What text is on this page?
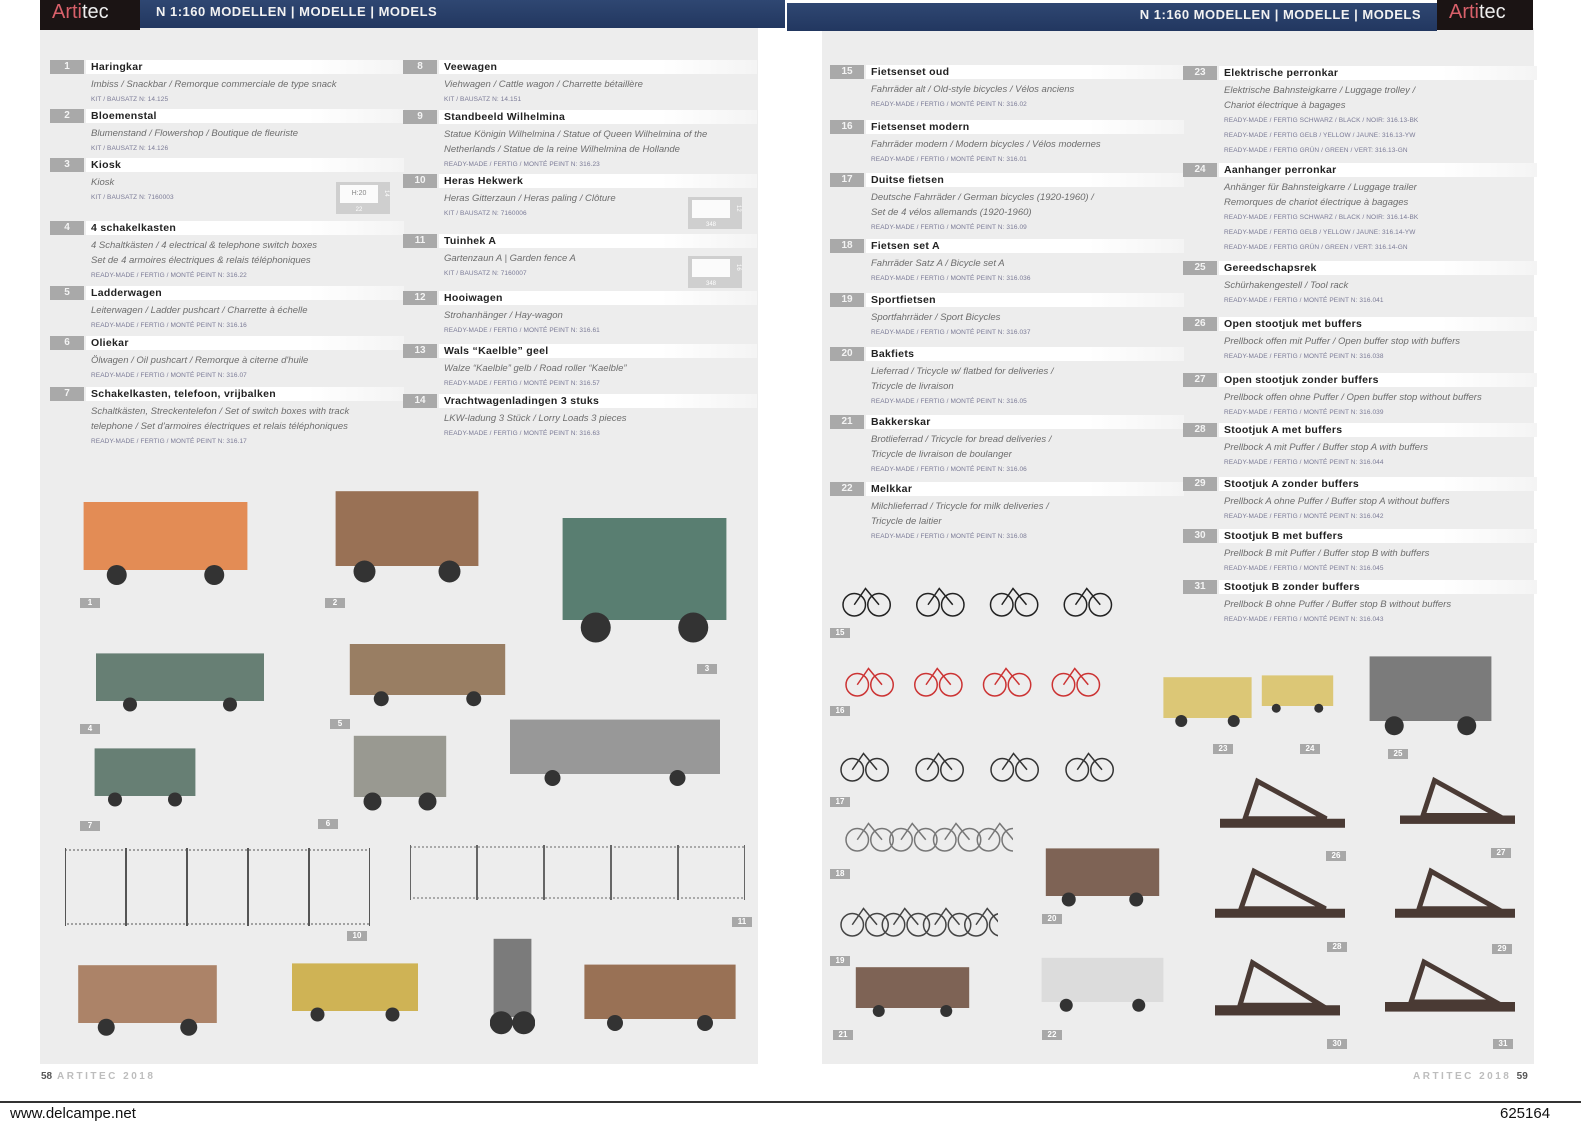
Artitec	N 1:160 MODELLEN | MODELLE | MODELS	N 1:160 MODELLEN | MODELLE | MODELS	Artitec
1	Haringkar
Imbiss / Snackbar / Remorque commerciale de type snack
KIT / BAUSATZ N: 14.125
2	Bloemenstal
Blumenstand / Flowershop / Boutique de fleuriste
KIT / BAUSATZ N: 14.126
3	Kiosk
Kiosk
KIT / BAUSATZ N: 7160003
H:20
22
14
4	4 schakelkasten
4 Schaltkästen / 4 electrical & telephone switch boxes
Set de 4 armoires électriques & relais téléphoniques
READY-MADE / FERTIG / MONTÉ PEINT N: 316.22
5	Ladderwagen
Leiterwagen / Ladder pushcart / Charrette à échelle
READY-MADE / FERTIG / MONTÉ PEINT N: 316.16
6	Oliekar
Ölwagen / Oil pushcart / Remorque à citerne d'huile
READY-MADE / FERTIG / MONTÉ PEINT N: 316.07
7	Schakelkasten, telefoon, vrijbalken
Schaltkästen, Streckentelefon / Set of switch boxes with track
telephone / Set d'armoires électriques et relais téléphoniques
READY-MADE / FERTIG / MONTÉ PEINT N: 316.17
8	Veewagen
Viehwagen / Cattle wagon / Charrette bétaillère
KIT / BAUSATZ N: 14.151
9	Standbeeld Wilhelmina
Statue Königin Wilhelmina / Statue of Queen Wilhelmina of the
Netherlands / Statue de la reine Wilhelmina de Hollande
READY-MADE / FERTIG / MONTÉ PEINT N: 316.23
10	Heras Hekwerk
Heras Gitterzaun / Heras paling / Clôture
KIT / BAUSATZ N: 7160006
348
12
11	Tuinhek A
Gartenzaun A | Garden fence A
KIT / BAUSATZ N: 7160007
348
16
12	Hooiwagen
Strohanhänger / Hay-wagon
READY-MADE / FERTIG / MONTÉ PEINT N: 316.61
13	Wals “Kaelble” geel
Walze “Kaelble” gelb / Road roller “Kaelble”
READY-MADE / FERTIG / MONTÉ PEINT N: 316.57
14	Vrachtwagenladingen 3 stuks
LKW-ladung 3 Stück / Lorry Loads 3 pieces
READY-MADE / FERTIG / MONTÉ PEINT N: 316.63
15	Fietsenset oud
Fahrräder alt / Old-style bicycles / Vélos anciens
READY-MADE / FERTIG / MONTÉ PEINT N: 316.02
16	Fietsenset modern
Fahrräder modern / Modern bicycles / Vélos modernes
READY-MADE / FERTIG / MONTÉ PEINT N: 316.01
17	Duitse fietsen
Deutsche Fahrräder / German bicycles (1920-1960) /
Set de 4 vélos allemands (1920-1960)
READY-MADE / FERTIG / MONTÉ PEINT N: 316.09
18	Fietsen set A
Fahrräder Satz A / Bicycle set A
READY-MADE / FERTIG / MONTÉ PEINT N: 316.036
19	Sportfietsen
Sportfahrräder / Sport Bicycles
READY-MADE / FERTIG / MONTÉ PEINT N: 316.037
20	Bakfiets
Lieferrad / Tricycle w/ flatbed for deliveries /
Tricycle de livraison
READY-MADE / FERTIG / MONTÉ PEINT N: 316.05
21	Bakkerskar
Brotlieferrad / Tricycle for bread deliveries /
Tricycle de livraison de boulanger
READY-MADE / FERTIG / MONTÉ PEINT N: 316.06
22	Melkkar
Milchlieferrad / Tricycle for milk deliveries /
Tricycle de laitier
READY-MADE / FERTIG / MONTÉ PEINT N: 316.08
23	Elektrische perronkar
Elektrische Bahnsteigkarre / Luggage trolley /
Chariot électrique à bagages
READY-MADE / FERTIG SCHWARZ / BLACK / NOIR: 316.13-BK
READY-MADE / FERTIG GELB / YELLOW / JAUNE: 316.13-YW
READY-MADE / FERTIG GRÜN / GREEN / VERT: 316.13-GN
24	Aanhanger perronkar
Anhänger für Bahnsteigkarre / Luggage trailer
Remorques de chariot électrique à bagages
READY-MADE / FERTIG SCHWARZ / BLACK / NOIR: 316.14-BK
READY-MADE / FERTIG GELB / YELLOW / JAUNE: 316.14-YW
READY-MADE / FERTIG GRÜN / GREEN / VERT: 316.14-GN
25	Gereedschapsrek
Schürhakengestell / Tool rack
READY-MADE / FERTIG / MONTÉ PEINT N: 316.041
26	Open stootjuk met buffers
Prellbock offen mit Puffer / Open buffer stop with buffers
READY-MADE / FERTIG / MONTÉ PEINT N: 316.038
27	Open stootjuk zonder buffers
Prellbock offen ohne Puffer / Open buffer stop without buffers
READY-MADE / FERTIG / MONTÉ PEINT N: 316.039
28	Stootjuk A met buffers
Prellbock A mit Puffer / Buffer stop A with buffers
READY-MADE / FERTIG / MONTÉ PEINT N: 316.044
29	Stootjuk A zonder buffers
Prellbock A ohne Puffer / Buffer stop A without buffers
READY-MADE / FERTIG / MONTÉ PEINT N: 316.042
30	Stootjuk B met buffers
Prellbock B mit Puffer / Buffer stop B with buffers
READY-MADE / FERTIG / MONTÉ PEINT N: 316.045
31	Stootjuk B zonder buffers
Prellbock B ohne Puffer / Buffer stop B without buffers
READY-MADE / FERTIG / MONTÉ PEINT N: 316.043
1	2
3
4
5
6
7
10
11
15
16
17
18
19
20
21	22
23	24
25
26	27
28	29
30	31
58 ARTITEC 2018	ARTITEC 2018 59
www.delcampe.net	625164
